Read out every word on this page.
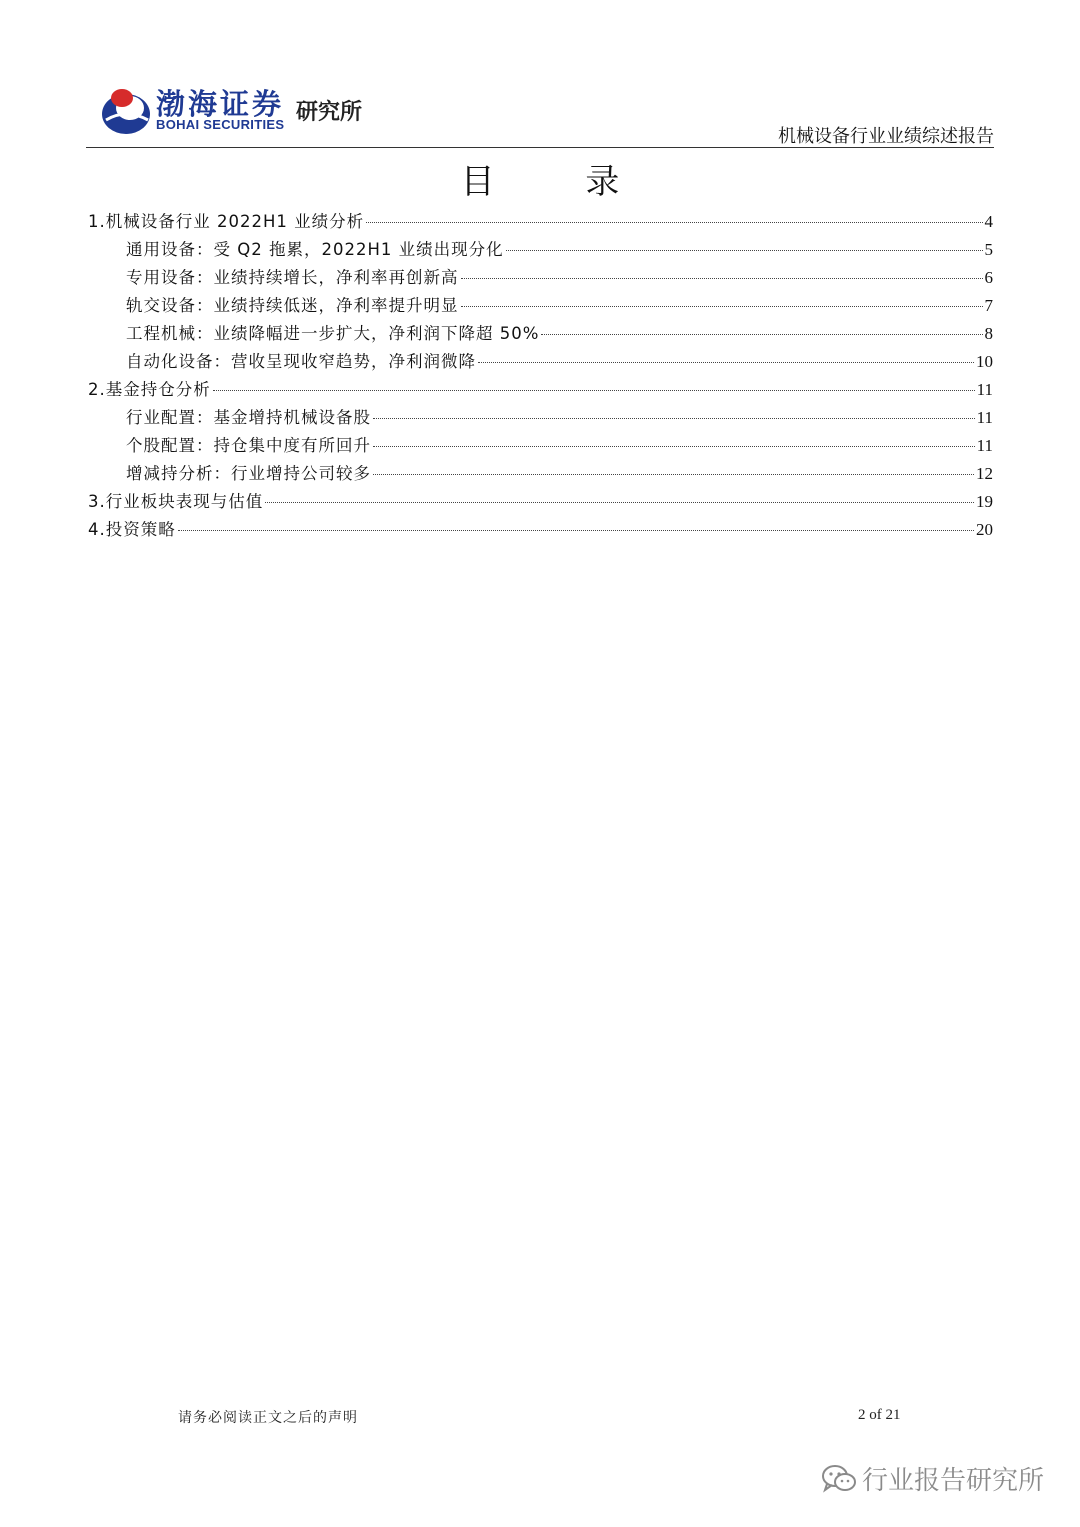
渤海证券
BOHAI SECURITIES 研究所
机械设备行业业绩综述报告
目 录
1.机械设备行业 2022H1 业绩分析	4
通用设备：受 Q2 拖累，2022H1 业绩出现分化	5
专用设备：业绩持续增长，净利率再创新高	6
轨交设备：业绩持续低迷，净利率提升明显	7
工程机械：业绩降幅进一步扩大，净利润下降超 50%	8
自动化设备：营收呈现收窄趋势，净利润微降	10
2.基金持仓分析	11
行业配置：基金增持机械设备股	11
个股配置：持仓集中度有所回升	11
增减持分析：行业增持公司较多	12
3.行业板块表现与估值	19
4.投资策略	20
请务必阅读正文之后的声明	2 of 21
行业报告研究所
